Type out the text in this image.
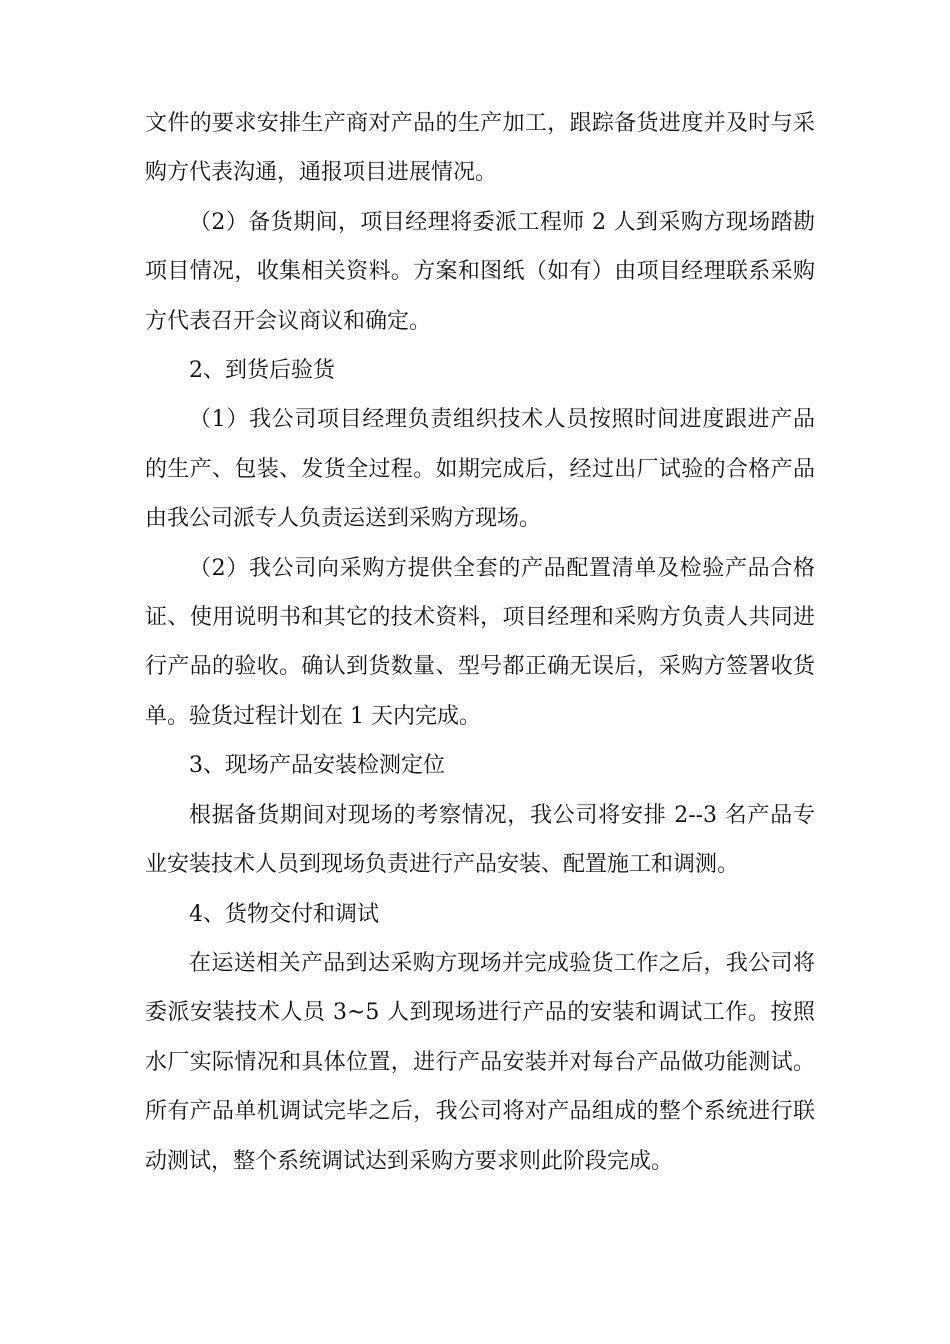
文件的要求安排生产商对产品的生产加工，跟踪备货进度并及时与采购方代表沟通，通报项目进展情况。

（2）备货期间，项目经理将委派工程师 2 人到采购方现场踏勘项目情况，收集相关资料。方案和图纸（如有）由项目经理联系采购方代表召开会议商议和确定。

2、到货后验货

（1）我公司项目经理负责组织技术人员按照时间进度跟进产品的生产、包装、发货全过程。如期完成后，经过出厂试验的合格产品由我公司派专人负责运送到采购方现场。

（2）我公司向采购方提供全套的产品配置清单及检验产品合格证、使用说明书和其它的技术资料，项目经理和采购方负责人共同进行产品的验收。确认到货数量、型号都正确无误后，采购方签署收货单。验货过程计划在 1 天内完成。

3、现场产品安装检测定位

根据备货期间对现场的考察情况，我公司将安排 2--3 名产品专业安装技术人员到现场负责进行产品安装、配置施工和调测。

4、货物交付和调试

在运送相关产品到达采购方现场并完成验货工作之后，我公司将委派安装技术人员 3~5 人到现场进行产品的安装和调试工作。按照水厂实际情况和具体位置，进行产品安装并对每台产品做功能测试。所有产品单机调试完毕之后，我公司将对产品组成的整个系统进行联动测试，整个系统调试达到采购方要求则此阶段完成。
